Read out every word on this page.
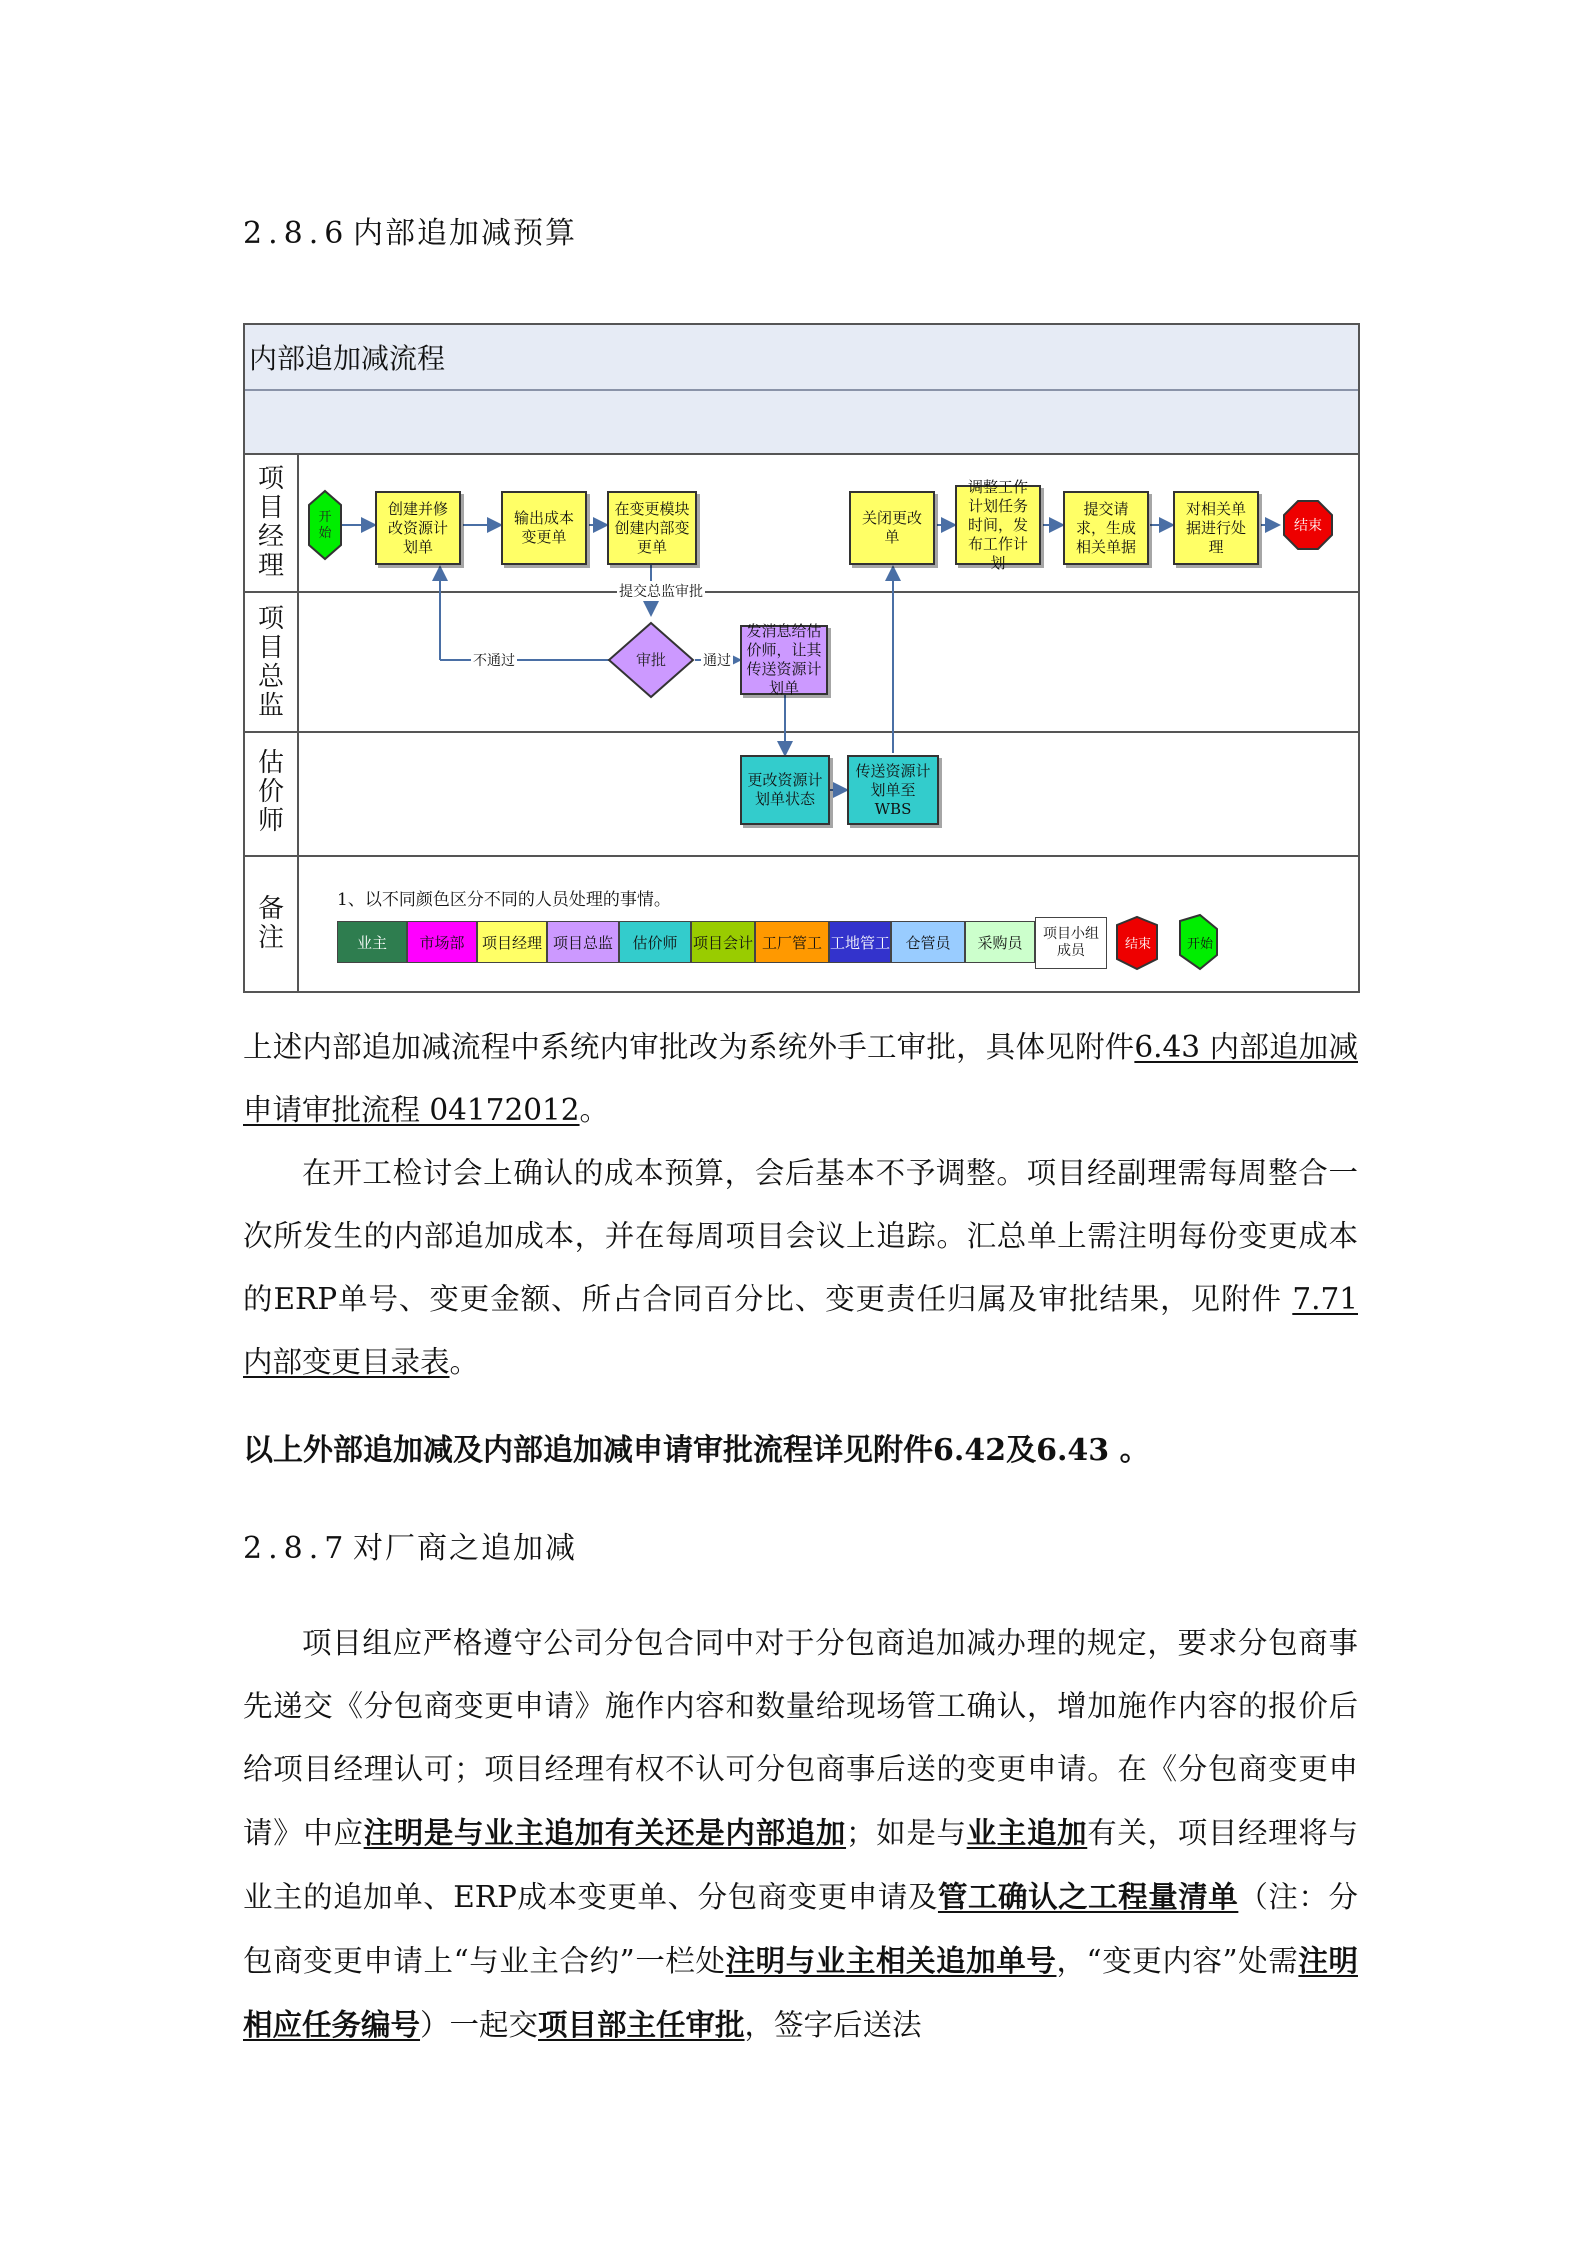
2.8.6 内部追加减预算
内部追加减流程
项
目
经
理
项
目
总
监
估
价
师
备
注
开
始
审批
结束
创建并修改资源计划单
输出成本变更单
在变更模块创建内部变更单
关闭更改单
调整工作计划任务时间，发布工作计划
提交请求，生成相关单据
对相关单据进行处理
发消息给估价师，让其传送资源计划单
更改资源计划单状态
传送资源计划单至WBS
提交总监审批
不通过	通过
1、以不同颜色区分不同的人员处理的事情。
业主	市场部	项目经理 项目总监	估价师	项目会计 工厂管工 工地管工	仓管员	采购员	项目小组成员	结束	开始

上述内部追加减流程中系统内审批改为系统外手工审批，具体见附件6.43 内部追加减申请审批流程 04172012。

在开工检讨会上确认的成本预算，会后基本不予调整。项目经副理需每周整合一次所发生的内部追加成本，并在每周项目会议上追踪。汇总单上需注明每份变更成本的ERP单号、变更金额、所占合同百分比、变更责任归属及审批结果，见附件 7.71 内部变更目录表。

以上外部追加减及内部追加减申请审批流程详见附件6.42及6.43 。
2.8.7 对厂商之追加减

项目组应严格遵守公司分包合同中对于分包商追加减办理的规定，要求分包商事先递交《分包商变更申请》施作内容和数量给现场管工确认，增加施作内容的报价后给项目经理认可；项目经理有权不认可分包商事后送的变更申请。在《分包商变更申请》中应注明是与业主追加有关还是内部追加；如是与业主追加有关，项目经理将与业主的追加单、ERP成本变更单、分包商变更申请及管工确认之工程量清单（注：分包商变更申请上“与业主合约”一栏处注明与业主相关追加单号，“变更内容”处需注明相应任务编号）一起交项目部主任审批，签字后送法
